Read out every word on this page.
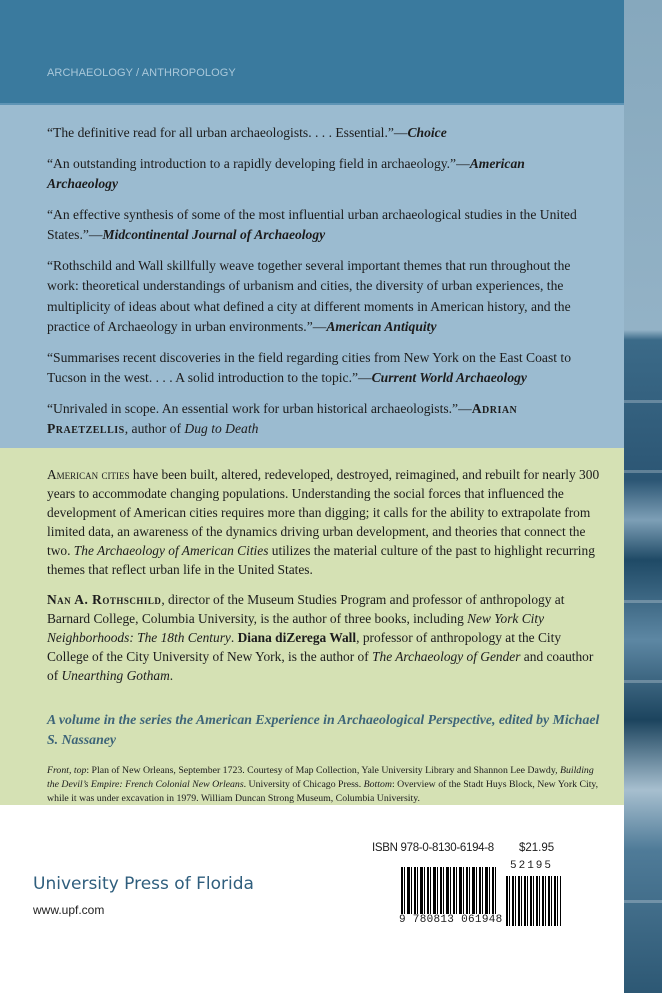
ARCHAEOLOGY / ANTHROPOLOGY

“The definitive read for all urban archaeologists. . . . Essential.”—Choice

“An outstanding introduction to a rapidly developing field in archaeology.”—American Archaeology

“An effective synthesis of some of the most influential urban archaeological studies in the United States.”—Midcontinental Journal of Archaeology

“Rothschild and Wall skillfully weave together several important themes that run throughout the work: theoretical understandings of urbanism and cities, the diversity of urban experiences, the multiplicity of ideas about what defined a city at different moments in American history, and the practice of Archaeology in urban environments.”—American Antiquity

“Summarises recent discoveries in the field regarding cities from New York on the East Coast to Tucson in the west. . . . A solid introduction to the topic.”—Current World Archaeology

“Unrivaled in scope. An essential work for urban historical archaeologists.”—Adrian Praetzellis, author of Dug to Death

American cities have been built, altered, redeveloped, destroyed, reimagined, and rebuilt for nearly 300 years to accommodate changing populations. Understanding the social forces that influenced the development of American cities requires more than digging; it calls for the ability to extrapolate from limited data, an awareness of the dynamics driving urban development, and theories that connect the two. The Archaeology of American Cities utilizes the material culture of the past to highlight recurring themes that reflect urban life in the United States.

Nan A. Rothschild, director of the Museum Studies Program and professor of anthropology at Barnard College, Columbia University, is the author of three books, including New York City Neighborhoods: The 18th Century. Diana diZerega Wall, professor of anthropology at the City College of the City University of New York, is the author of The Archaeology of Gender and coauthor of Unearthing Gotham.

A volume in the series the American Experience in Archaeological Perspective, edited by Michael S. Nassaney

Front, top: Plan of New Orleans, September 1723. Courtesy of Map Collection, Yale University Library and Shannon Lee Dawdy, Building the Devil’s Empire: French Colonial New Orleans. University of Chicago Press. Bottom: Overview of the Stadt Huys Block, New York City, while it was under excavation in 1979. William Duncan Strong Museum, Columbia University.

University Press of Florida
www.upf.com
ISBN 978-0-8130-6194-8 $21.95
9 780813 061948
52195
